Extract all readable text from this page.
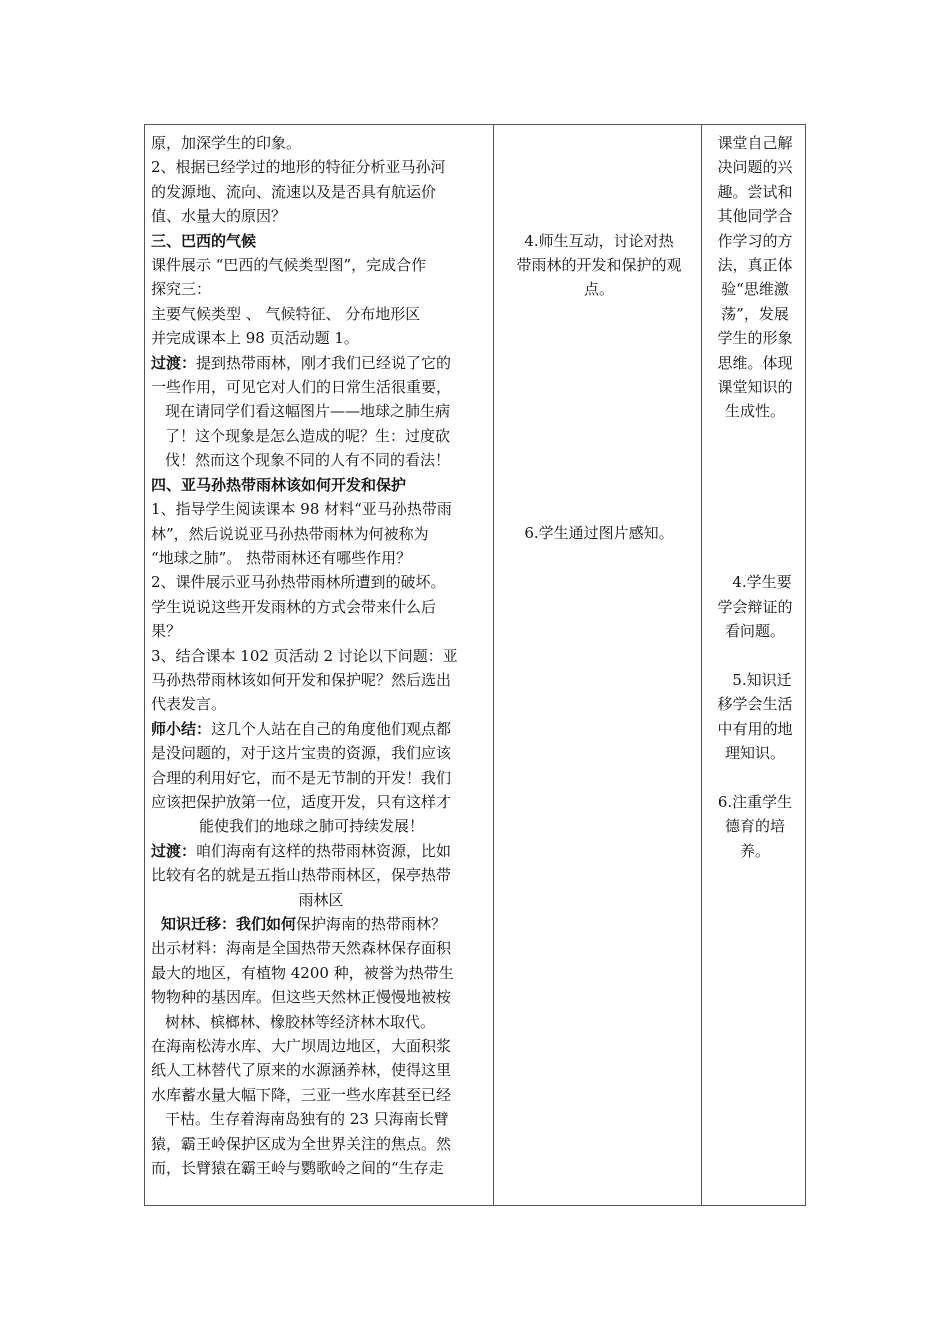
原，加深学生的印象。
2、根据已经学过的地形的特征分析亚马孙河
的发源地、流向、流速以及是否具有航运价
值、水量大的原因？
三、巴西的气候
课件展示 “巴西的气候类型图”，完成合作
探究三：
主要气候类型 、 气候特征、 分布地形区
并完成课本上 98 页活动题 1。
过渡：提到热带雨林，刚才我们已经说了它的
一些作用，可见它对人们的日常生活很重要，
现在请同学们看这幅图片——地球之肺生病
了！这个现象是怎么造成的呢？生：过度砍
伐！然而这个现象不同的人有不同的看法！
四、亚马孙热带雨林该如何开发和保护
1、指导学生阅读课本 98 材料“亚马孙热带雨
林”，然后说说亚马孙热带雨林为何被称为
“地球之肺”。 热带雨林还有哪些作用？
2、课件展示亚马孙热带雨林所遭到的破坏。
学生说说这些开发雨林的方式会带来什么后
果？
3、结合课本 102 页活动 2 讨论以下问题：亚
马孙热带雨林该如何开发和保护呢？然后选出
代表发言。
师小结：这几个人站在自己的角度他们观点都
是没问题的，对于这片宝贵的资源，我们应该
合理的利用好它，而不是无节制的开发！我们
应该把保护放第一位，适度开发，只有这样才
能使我们的地球之肺可持续发展！
过渡：咱们海南有这样的热带雨林资源，比如
比较有名的就是五指山热带雨林区，保亭热带
雨林区
知识迁移：我们如何保护海南的热带雨林？
出示材料：海南是全国热带天然森林保存面积
最大的地区，有植物 4200 种，被誉为热带生
物物种的基因库。但这些天然林正慢慢地被桉
树林、槟榔林、橡胶林等经济林木取代。
在海南松涛水库、大广坝周边地区，大面积浆
纸人工林替代了原来的水源涵养林，使得这里
水库蓄水量大幅下降，三亚一些水库甚至已经
干枯。生存着海南岛独有的 23 只海南长臂
猿，霸王岭保护区成为全世界关注的焦点。然
而，长臂猿在霸王岭与鹦歌岭之间的“生存走
4.师生互动，讨论对热
带雨林的开发和保护的观
点。
6.学生通过图片感知。
课堂自己解
决问题的兴
趣。尝试和
其他同学合
作学习的方
法，真正体
验“思维激
荡”，发展
学生的形象
思维。体现
课堂知识的
生成性。
4.学生要
学会辩证的
看问题。
5.知识迁
移学会生活
中有用的地
理知识。
6.注重学生
德育的培
养。
